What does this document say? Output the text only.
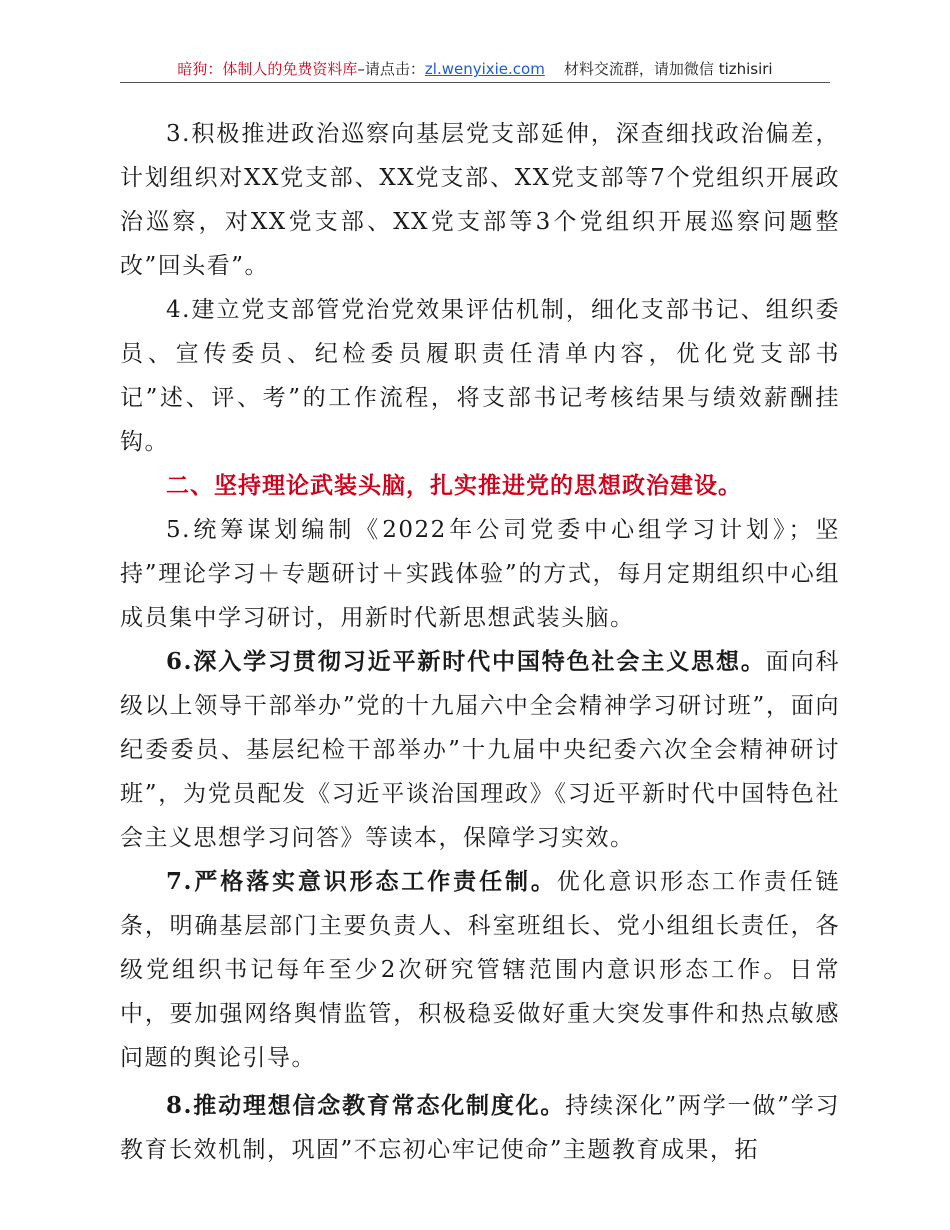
暗狗：体制人的免费资料库–请点击：zl.wenyixie.com 材料交流群，请加微信 tizhisiri

3.积极推进政治巡察向基层党支部延伸，深查细找政治偏差，计划组织对XX党支部、XX党支部、XX党支部等7个党组织开展政治巡察，对XX党支部、XX党支部等3个党组织开展巡察问题整改”回头看”。

4.建立党支部管党治党效果评估机制，细化支部书记、组织委员、宣传委员、纪检委员履职责任清单内容，优化党支部书记”述、评、考”的工作流程，将支部书记考核结果与绩效薪酬挂钩。

二、坚持理论武装头脑，扎实推进党的思想政治建设。

5.统筹谋划编制《2022年公司党委中心组学习计划》；坚持”理论学习＋专题研讨＋实践体验”的方式，每月定期组织中心组成员集中学习研讨，用新时代新思想武装头脑。

6.深入学习贯彻习近平新时代中国特色社会主义思想。面向科级以上领导干部举办”党的十九届六中全会精神学习研讨班”，面向纪委委员、基层纪检干部举办”十九届中央纪委六次全会精神研讨班”，为党员配发《习近平谈治国理政》《习近平新时代中国特色社会主义思想学习问答》等读本，保障学习实效。

7.严格落实意识形态工作责任制。优化意识形态工作责任链条，明确基层部门主要负责人、科室班组长、党小组组长责任，各级党组织书记每年至少2次研究管辖范围内意识形态工作。日常中，要加强网络舆情监管，积极稳妥做好重大突发事件和热点敏感问题的舆论引导。

8.推动理想信念教育常态化制度化。持续深化”两学一做”学习教育长效机制，巩固”不忘初心牢记使命”主题教育成果，拓
